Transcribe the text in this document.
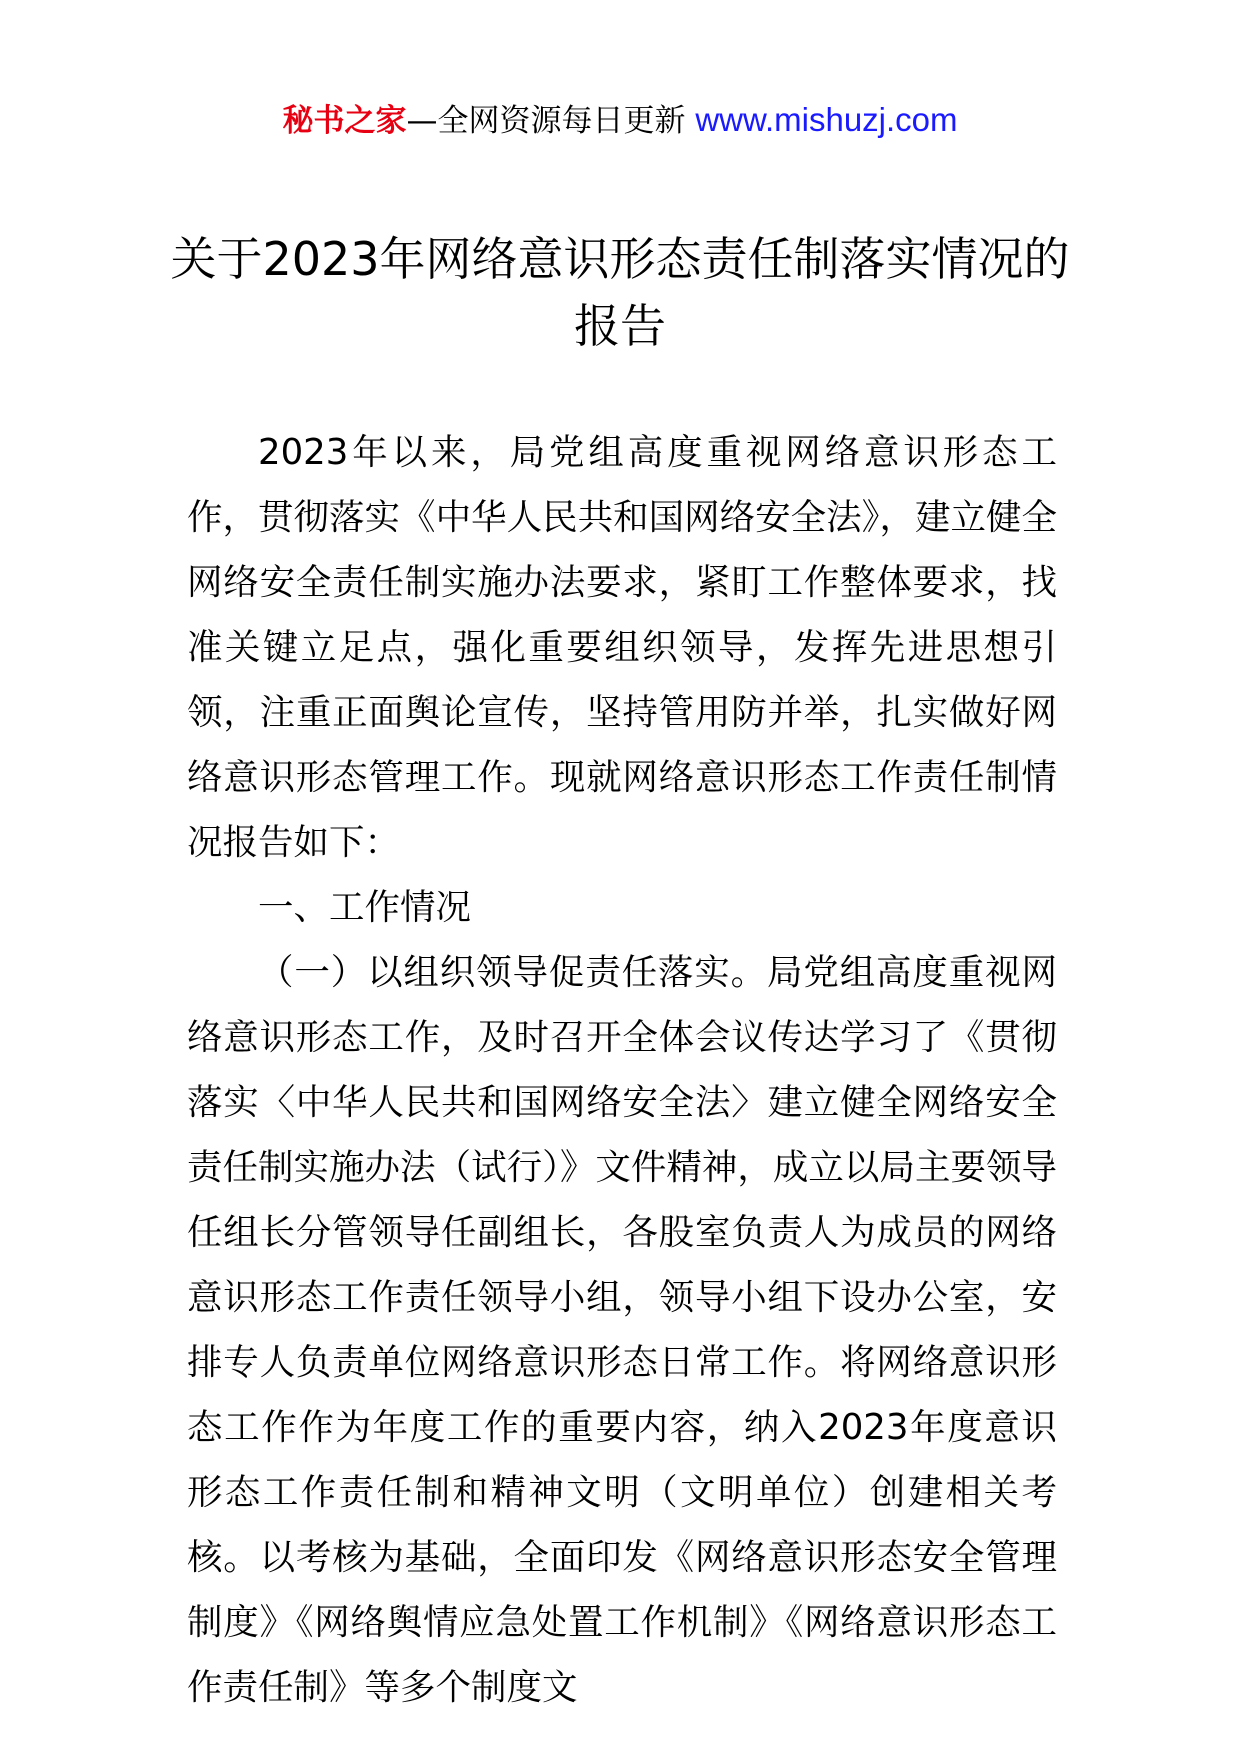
秘书之家—全网资源每日更新 www.mishuzj.com
关于2023年网络意识形态责任制落实情况的报告

2023年以来，局党组高度重视网络意识形态工作，贯彻落实《中华人民共和国网络安全法》，建立健全网络安全责任制实施办法要求，紧盯工作整体要求，找准关键立足点，强化重要组织领导，发挥先进思想引领，注重正面舆论宣传，坚持管用防并举，扎实做好网络意识形态管理工作。现就网络意识形态工作责任制情况报告如下：

一、工作情况

（一）以组织领导促责任落实。局党组高度重视网络意识形态工作，及时召开全体会议传达学习了《贯彻落实〈中华人民共和国网络安全法〉建立健全网络安全责任制实施办法（试行）》文件精神，成立以局主要领导任组长分管领导任副组长，各股室负责人为成员的网络意识形态工作责任领导小组，领导小组下设办公室，安排专人负责单位网络意识形态日常工作。将网络意识形态工作作为年度工作的重要内容，纳入2023年度意识形态工作责任制和精神文明（文明单位）创建相关考核。以考核为基础，全面印发《网络意识形态安全管理制度》《网络舆情应急处置工作机制》《网络意识形态工作责任制》等多个制度文
